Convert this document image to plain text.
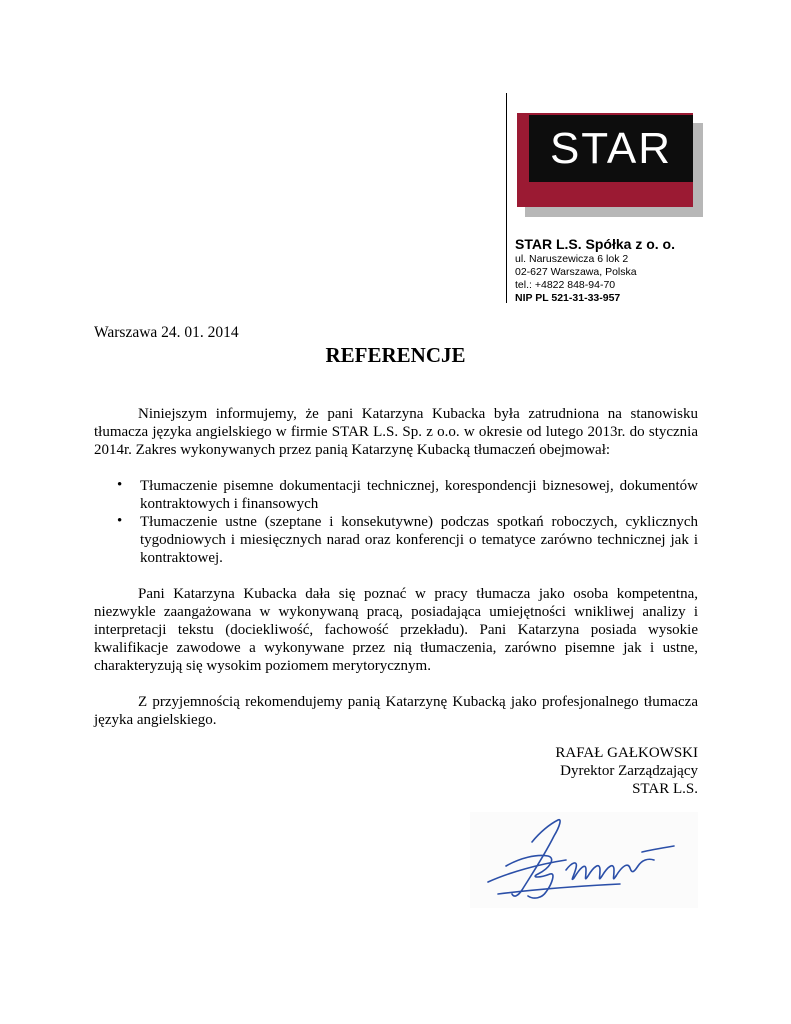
STAR
STAR L.S. Spółka z o. o.
ul. Naruszewicza 6 lok 2
02-627 Warszawa, Polska
tel.: +4822 848-94-70
NIP PL 521-31-33-957
Warszawa 24. 01. 2014
REFERENCJE
Niniejszym informujemy, że pani Katarzyna Kubacka była zatrudniona na stanowisku tłumacza języka angielskiego w firmie STAR L.S. Sp. z o.o. w okresie od lutego 2013r. do stycznia 2014r. Zakres wykonywanych przez panią Katarzynę Kubacką tłumaczeń obejmował:
• Tłumaczenie pisemne dokumentacji technicznej, korespondencji biznesowej, dokumentów kontraktowych i finansowych
• Tłumaczenie ustne (szeptane i konsekutywne) podczas spotkań roboczych, cyklicznych tygodniowych i miesięcznych narad oraz konferencji o tematyce zarówno technicznej jak i kontraktowej.
Pani Katarzyna Kubacka dała się poznać w pracy tłumacza jako osoba kompetentna, niezwykle zaangażowana w wykonywaną pracą, posiadająca umiejętności wnikliwej analizy i interpretacji tekstu (dociekliwość, fachowość przekładu). Pani Katarzyna posiada wysokie kwalifikacje zawodowe a wykonywane przez nią tłumaczenia, zarówno pisemne jak i ustne, charakteryzują się wysokim poziomem merytorycznym.
Z przyjemnością rekomendujemy panią Katarzynę Kubacką jako profesjonalnego tłumacza języka angielskiego.
RAFAŁ GAŁKOWSKI
Dyrektor Zarządzający
STAR L.S.
